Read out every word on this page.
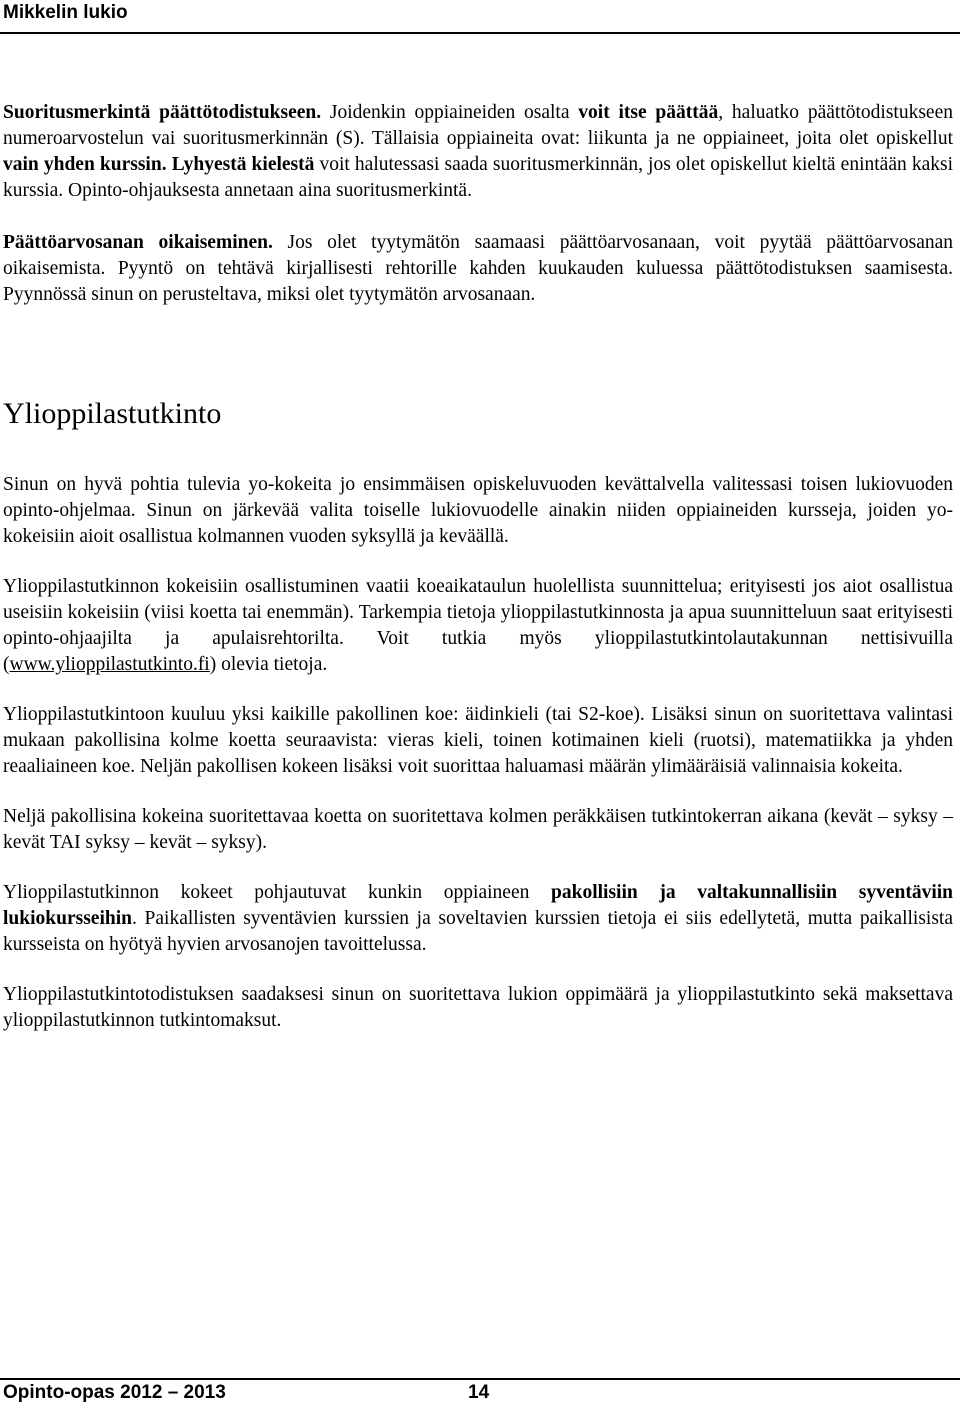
Mikkelin lukio

Suoritusmerkintä päättötodistukseen. Joidenkin oppiaineiden osalta voit itse päättää, haluatko päättötodistukseen numeroarvostelun vai suoritusmerkinnän (S). Tällaisia oppiaineita ovat: liikunta ja ne oppiaineet, joita olet opiskellut vain yhden kurssin. Lyhyestä kielestä voit halutessasi saada suoritusmerkinnän, jos olet opiskellut kieltä enintään kaksi kurssia. Opinto-ohjauksesta annetaan aina suoritusmerkintä.

Päättöarvosanan oikaiseminen. Jos olet tyytymätön saamaasi päättöarvosanaan, voit pyytää päättöarvosanan oikaisemista. Pyyntö on tehtävä kirjallisesti rehtorille kahden kuukauden kuluessa päättötodistuksen saamisesta. Pyynnössä sinun on perusteltava, miksi olet tyytymätön arvosanaan.

Ylioppilastutkinto

Sinun on hyvä pohtia tulevia yo-kokeita jo ensimmäisen opiskeluvuoden kevättalvella valitessasi toisen lukiovuoden opinto-ohjelmaa. Sinun on järkevää valita toiselle lukiovuodelle ainakin niiden oppiaineiden kursseja, joiden yo-kokeisiin aioit osallistua kolmannen vuoden syksyllä ja keväällä.

Ylioppilastutkinnon kokeisiin osallistuminen vaatii koeaikataulun huolellista suunnittelua; erityisesti jos aiot osallistua useisiin kokeisiin (viisi koetta tai enemmän). Tarkempia tietoja ylioppilastutkinnosta ja apua suunnitteluun saat erityisesti opinto-ohjaajilta ja apulaisrehtorilta. Voit tutkia myös ylioppilastutkintolautakunnan nettisivuilla (www.ylioppilastutkinto.fi) olevia tietoja.

Ylioppilastutkintoon kuuluu yksi kaikille pakollinen koe: äidinkieli (tai S2-koe). Lisäksi sinun on suoritettava valintasi mukaan pakollisina kolme koetta seuraavista: vieras kieli, toinen kotimainen kieli (ruotsi), matematiikka ja yhden reaaliaineen koe. Neljän pakollisen kokeen lisäksi voit suorittaa haluamasi määrän ylimääräisiä valinnaisia kokeita.

Neljä pakollisina kokeina suoritettavaa koetta on suoritettava kolmen peräkkäisen tutkintokerran aikana (kevät – syksy – kevät TAI syksy – kevät – syksy).

Ylioppilastutkinnon kokeet pohjautuvat kunkin oppiaineen pakollisiin ja valtakunnallisiin syventäviin lukiokursseihin. Paikallisten syventävien kurssien ja soveltavien kurssien tietoja ei siis edellytetä, mutta paikallisista kursseista on hyötyä hyvien arvosanojen tavoittelussa.

Ylioppilastutkintotodistuksen saadaksesi sinun on suoritettava lukion oppimäärä ja ylioppilastutkinto sekä maksettava ylioppilastutkinnon tutkintomaksut.

Opinto-opas 2012 – 2013	14
